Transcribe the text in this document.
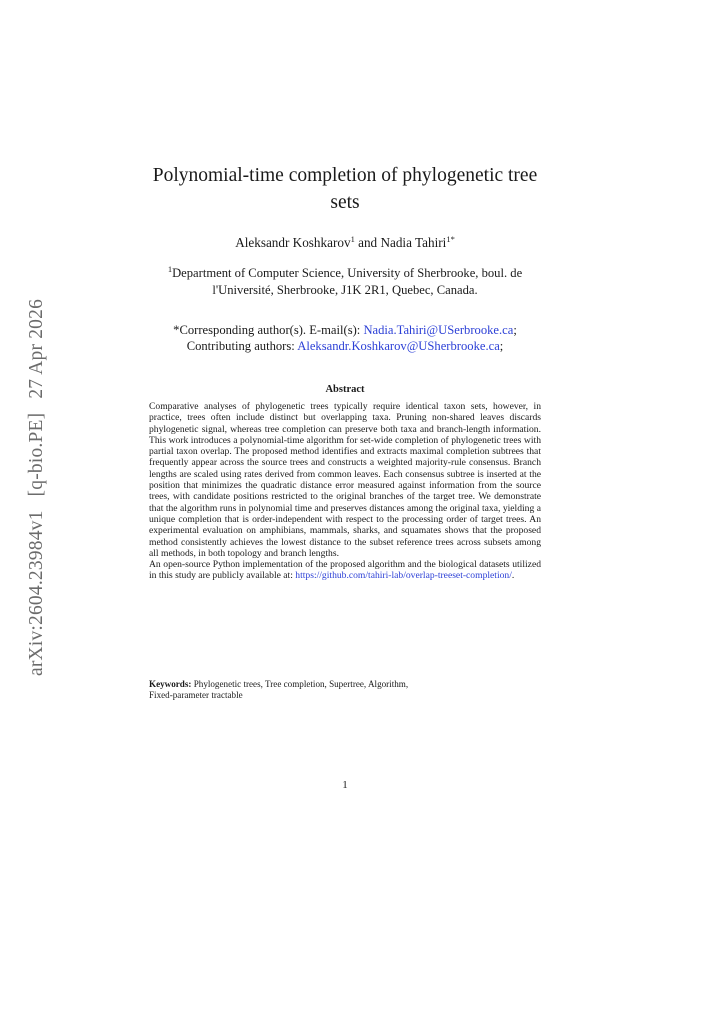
arXiv:2604.23984v1[q-bio.PE]27 Apr 2026
Polynomial-time completion of phylogenetic tree
sets
Aleksandr Koshkarov$^1$ and Nadia Tahiri$^{1*}$
$^1$Department of Computer Science, University of Sherbrooke, boul. de
l'Université, Sherbrooke, J1K 2R1, Quebec, Canada.
*Corresponding author(s). E-mail(s): Nadia.Tahiri@USerbrooke.ca;
Contributing authors: Aleksandr.Koshkarov@USherbrooke.ca;
Abstract

Comparative analyses of phylogenetic trees typically require identical taxon sets, however, in practice, trees often include distinct but overlapping taxa. Pruning non-shared leaves discards phylogenetic signal, whereas tree completion can preserve both taxa and branch-length information. This work introduces a polynomial-time algorithm for set-wide completion of phylogenetic trees with partial taxon overlap. The proposed method identifies and extracts maximal completion subtrees that frequently appear across the source trees and constructs a weighted majority-rule consensus. Branch lengths are scaled using rates derived from common leaves. Each consensus subtree is inserted at the position that minimizes the quadratic distance error measured against information from the source trees, with candidate positions restricted to the original branches of the target tree. We demonstrate that the algorithm runs in polynomial time and preserves distances among the original taxa, yielding a unique completion that is order-independent with respect to the processing order of target trees. An experimental evaluation on amphibians, mammals, sharks, and squamates shows that the proposed method consistently achieves the lowest distance to the subset reference trees across subsets among all methods, in both topology and branch lengths.

An open-source Python implementation of the proposed algorithm and the biological datasets utilized in this study are publicly available at: https://github.com/tahiri-lab/overlap-treeset-completion/.

Keywords: Phylogenetic trees, Tree completion, Supertree, Algorithm,
Fixed-parameter tractable
1
